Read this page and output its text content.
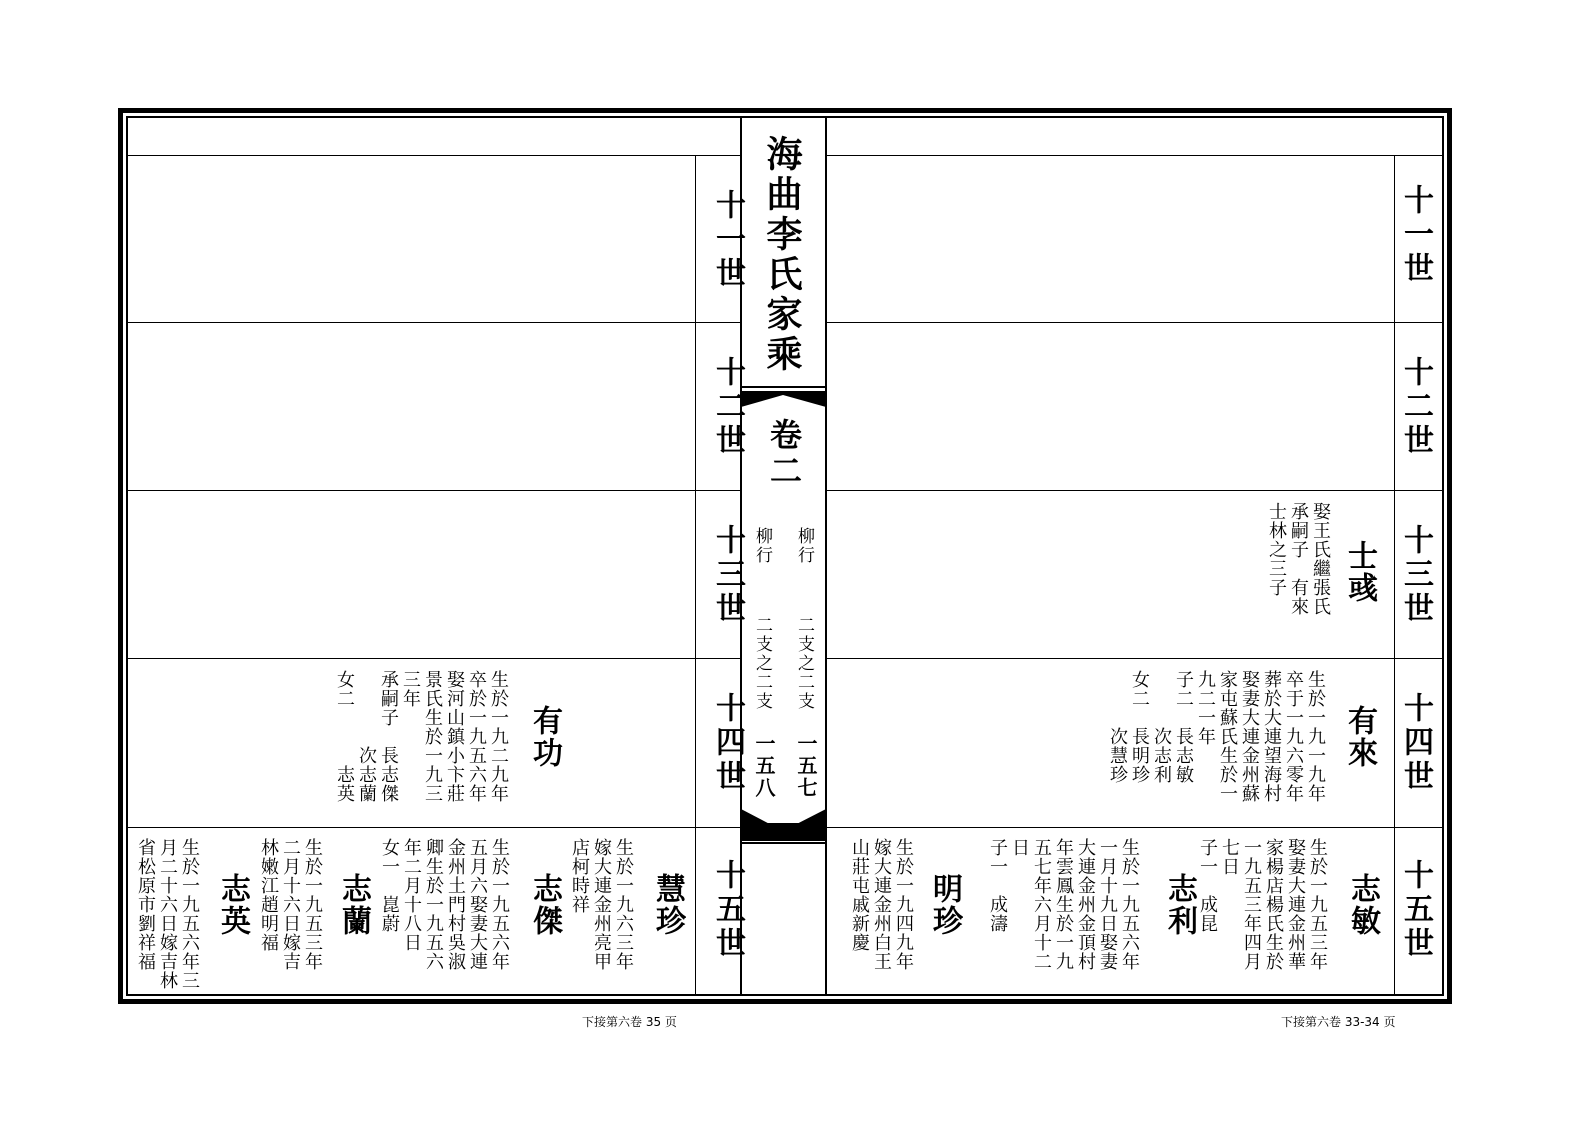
海曲李氏家乘
卷二
柳行
二支之二支
一五七
柳行
二支之二支
一五八
十一世
十二世
十三世
十四世
十五世
十一世
十二世
十三世
十四世
十五世
士彧
娶王氏繼張氏
承嗣子　有來
士林之三子
有來
生於一九一九年
卒于一九六零年
葬於大連望海村
娶妻大連金州蘇
家屯蘇氏生於一
九二一年
子二　長志敏
　　　次志利
女二　長明珍
　　　次慧珍
志敏
生於一九五三年
娶妻大連金州華
家楊店楊氏生於
一九五三年四月
七日
子一　成昆
志利
生於一九五六年
一月十九日娶妻
大連金州金頂村
年雲鳳生於一九
五七年六月十二
日
子一　成濤
明珍
生於一九四九年
嫁大連金州白王
山莊屯戚新慶
有功
生於一九二九年
卒於一九五六年
娶河山鎮小卞莊
景氏生於一九三
三年
承嗣子　長志傑
　　　　次志蘭
女二　　　志英
慧珍
生於一九六三年
嫁大連金州亮甲
店柯時祥
志傑
生於一九五六年
五月六娶妻大連
金州土門村吳淑
卿生於一九五六
年二月十八日
女一　崑蔚
志蘭
生於一九五三年
二月十六日嫁吉
林嫩江趙明福
志英
生於一九五六年三
月二十六日嫁吉林
省松原市劉祥福
下接第六卷 35 页	下接第六卷 33-34 页
